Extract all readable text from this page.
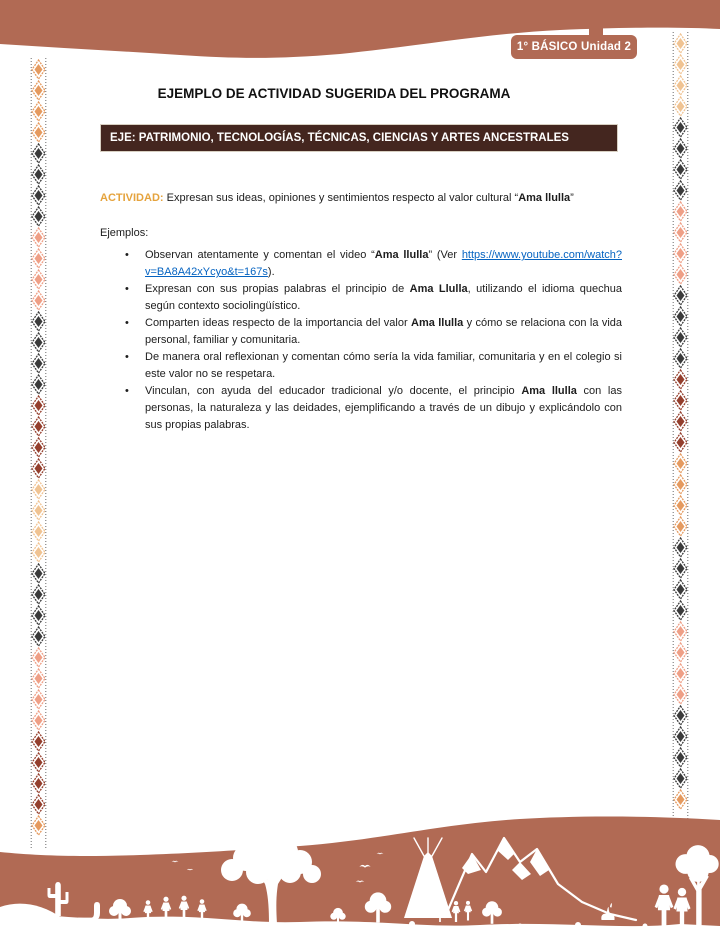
1° BÁSICO Unidad 2
EJEMPLO DE ACTIVIDAD SUGERIDA DEL PROGRAMA
EJE: PATRIMONIO, TECNOLOGÍAS, TÉCNICAS, CIENCIAS Y ARTES ANCESTRALES
ACTIVIDAD: Expresan sus ideas, opiniones y sentimientos respecto al valor cultural “Ama llulla”
Ejemplos:
•	Observan atentamente y comentan el video “Ama llulla” (Ver https://www.youtube.com/watch?v=BA8A42xYcyo&t=167s).
•	Expresan con sus propias palabras el principio de Ama Llulla, utilizando el idioma quechua según contexto sociolingüístico.
•	Comparten ideas respecto de la importancia del valor Ama llulla y cómo se relaciona con la vida personal, familiar y comunitaria.
•	De manera oral reflexionan y comentan cómo sería la vida familiar, comunitaria y en el colegio si este valor no se respetara.
•	Vinculan, con ayuda del educador tradicional y/o docente, el principio Ama llulla con las personas, la naturaleza y las deidades, ejemplificando a través de un dibujo y explicándolo con sus propias palabras.
